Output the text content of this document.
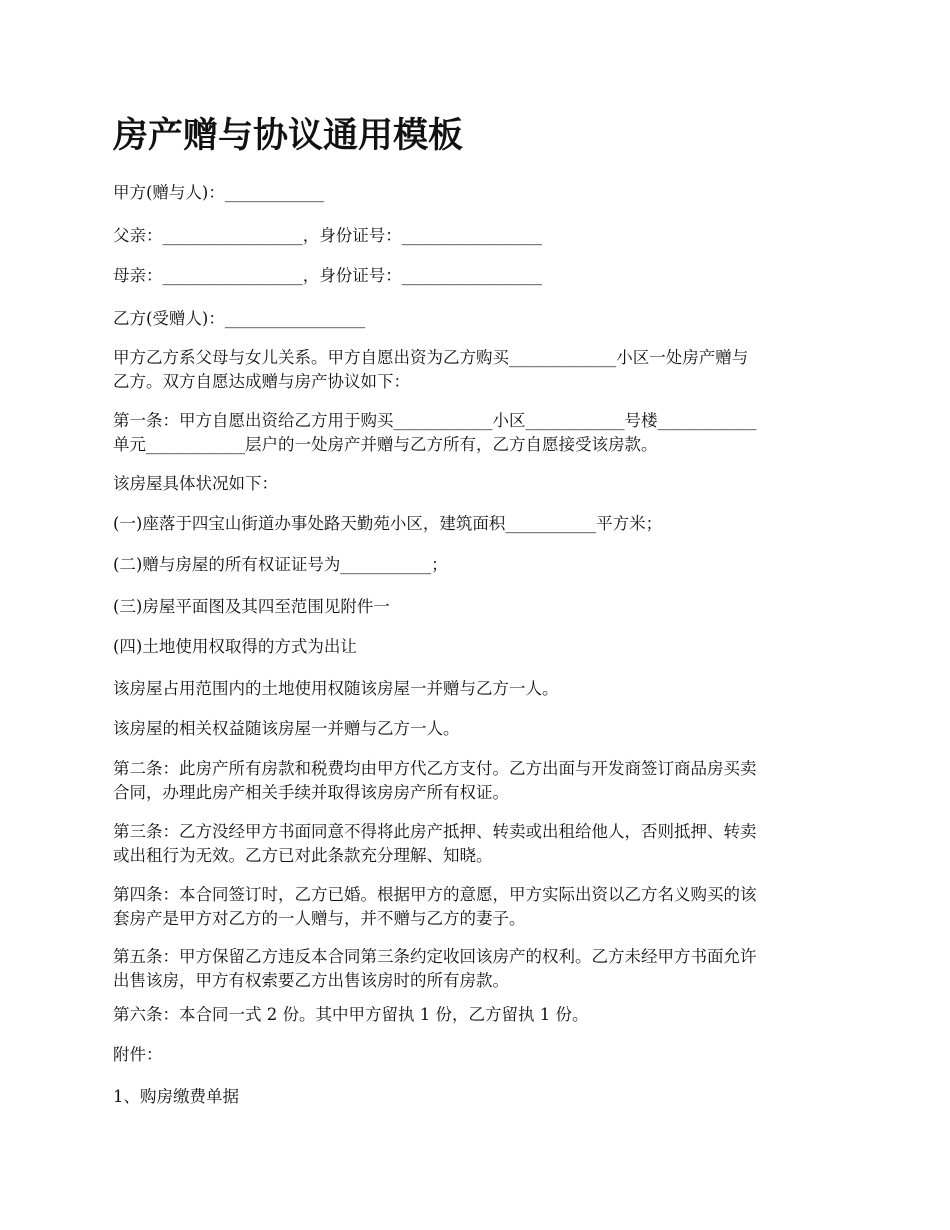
房产赠与协议通用模板

甲方(赠与人)：____________

父亲：_________________，身份证号：_________________

母亲：_________________，身份证号：_________________

乙方(受赠人)：_________________

甲方乙方系父母与女儿关系。甲方自愿出资为乙方购买_____________小区一处房产赠与
乙方。双方自愿达成赠与房产协议如下：

第一条：甲方自愿出资给乙方用于购买____________小区____________号楼____________
单元____________层户的一处房产并赠与乙方所有，乙方自愿接受该房款。

该房屋具体状况如下：

(一)座落于四宝山街道办事处路天勤苑小区，建筑面积___________平方米；

(二)赠与房屋的所有权证证号为___________；

(三)房屋平面图及其四至范围见附件一

(四)土地使用权取得的方式为出让

该房屋占用范围内的土地使用权随该房屋一并赠与乙方一人。

该房屋的相关权益随该房屋一并赠与乙方一人。

第二条：此房产所有房款和税费均由甲方代乙方支付。乙方出面与开发商签订商品房买卖
合同，办理此房产相关手续并取得该房房产所有权证。

第三条：乙方没经甲方书面同意不得将此房产抵押、转卖或出租给他人，否则抵押、转卖
或出租行为无效。乙方已对此条款充分理解、知晓。

第四条：本合同签订时，乙方已婚。根据甲方的意愿，甲方实际出资以乙方名义购买的该
套房产是甲方对乙方的一人赠与，并不赠与乙方的妻子。

第五条：甲方保留乙方违反本合同第三条约定收回该房产的权利。乙方未经甲方书面允许
出售该房，甲方有权索要乙方出售该房时的所有房款。

第六条：本合同一式 2 份。其中甲方留执 1 份，乙方留执 1 份。

附件：

1、购房缴费单据
